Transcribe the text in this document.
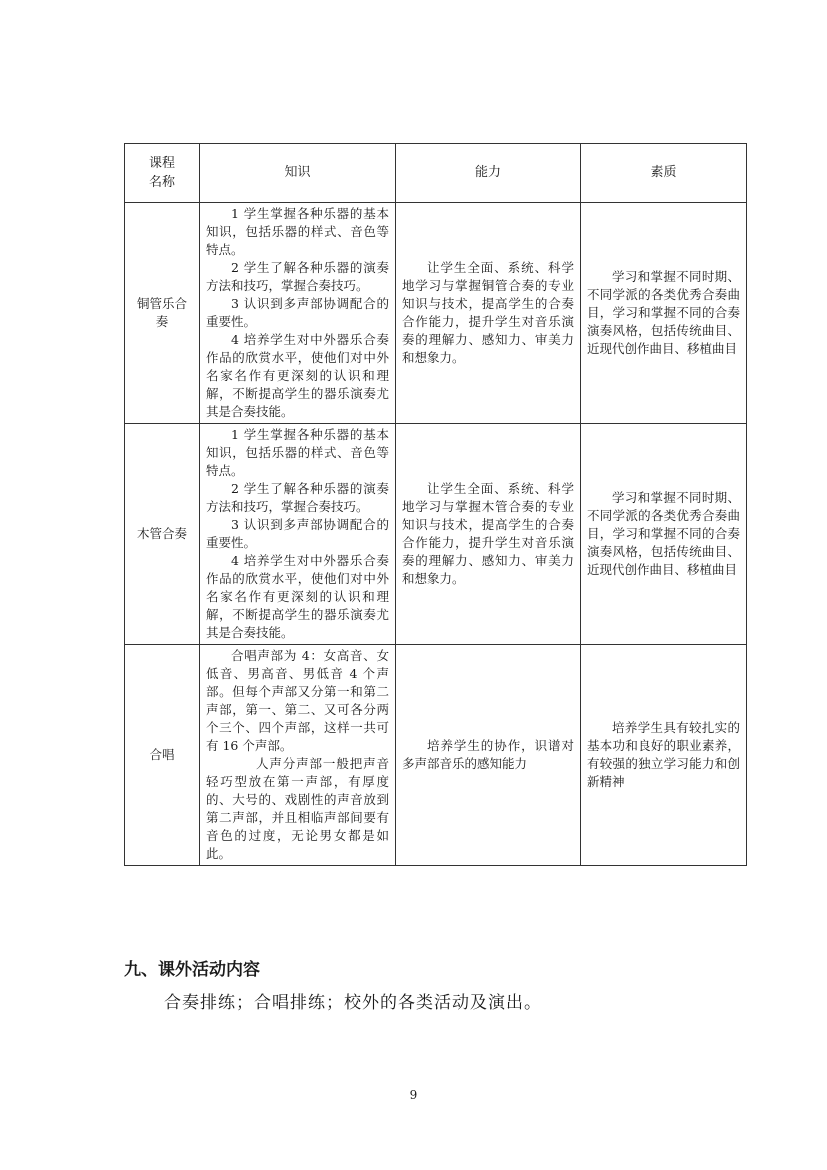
课程
名称	知识	能力	素质
铜管乐合奏	1 学生掌握各种乐器的基本知识，包括乐器的样式、音色等特点。

2 学生了解各种乐器的演奏方法和技巧，掌握合奏技巧。

3 认识到多声部协调配合的重要性。

4 培养学生对中外器乐合奏作品的欣赏水平，使他们对中外名家名作有更深刻的认识和理解，不断提高学生的器乐演奏尤其是合奏技能。	让学生全面、系统、科学地学习与掌握铜管合奏的专业知识与技术，提高学生的合奏合作能力，提升学生对音乐演奏的理解力、感知力、审美力和想象力。	学习和掌握不同时期、不同学派的各类优秀合奏曲目，学习和掌握不同的合奏演奏风格，包括传统曲目、近现代创作曲目、移植曲目

木管合奏	1 学生掌握各种乐器的基本知识，包括乐器的样式、音色等特点。

2 学生了解各种乐器的演奏方法和技巧，掌握合奏技巧。

3 认识到多声部协调配合的重要性。

4 培养学生对中外器乐合奏作品的欣赏水平，使他们对中外名家名作有更深刻的认识和理解，不断提高学生的器乐演奏尤其是合奏技能。	让学生全面、系统、科学地学习与掌握木管合奏的专业知识与技术，提高学生的合奏合作能力，提升学生对音乐演奏的理解力、感知力、审美力和想象力。	学习和掌握不同时期、不同学派的各类优秀合奏曲目，学习和掌握不同的合奏演奏风格，包括传统曲目、近现代创作曲目、移植曲目

合唱	合唱声部为 4：女高音、女低音、男高音、男低音 4 个声部。但每个声部又分第一和第二声部，第一、第二、又可各分两个三个、四个声部，这样一共可有 16 个声部。

人声分声部一般把声音轻巧型放在第一声部，有厚度的、大号的、戏剧性的声音放到第二声部，并且相临声部间要有音色的过度，无论男女都是如此。	培养学生的协作，识谱对多声部音乐的感知能力	培养学生具有较扎实的基本功和良好的职业素养，有较强的独立学习能力和创新精神

九、课外活动内容
合奏排练；合唱排练；校外的各类活动及演出。
9
